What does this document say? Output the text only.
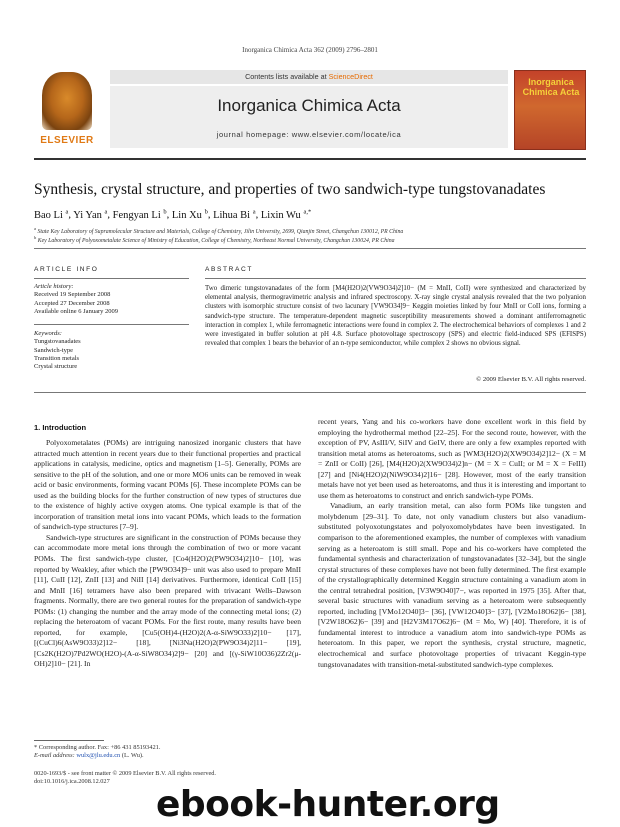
Inorganica Chimica Acta 362 (2009) 2796–2801
ELSEVIER
Contents lists available at ScienceDirect
Inorganica Chimica Acta
journal homepage: www.elsevier.com/locate/ica
Inorganica Chimica Acta
Synthesis, crystal structure, and properties of two sandwich-type tungstovanadates
Bao Li $^a$, Yi Yan $^a$, Fengyan Li $^b$, Lin Xu $^b$, Lihua Bi $^a$, Lixin Wu $^{a,*}$
$^a$ State Key Laboratory of Supramolecular Structure and Materials, College of Chemistry, Jilin University, 2699, Qianjin Street, Changchun 130012, PR China
$^b$ Key Laboratory of Polyoxometalate Science of Ministry of Education, College of Chemistry, Northeast Normal University, Changchun 130024, PR China
ARTICLE INFO
Article history:
Received 19 September 2008
Accepted 27 December 2008
Available online 6 January 2009
Keywords:
Tungstovanadates
Sandwich-type
Transition metals
Crystal structure
ABSTRACT
Two dimeric tungstovanadates of the form [M4(H2O)2(VW9O34)2]10− (M = MnII, CoII) were synthesized and characterized by elemental analysis, thermogravimetric analysis and infrared spectroscopy. X-ray single crystal analysis revealed that the two polyanion clusters with isomorphic structure consist of two lacunary [VW9O34]9− Keggin moieties linked by four MnII or CoII ions, forming a sandwich-type structure. The temperature-dependent magnetic susceptibility measurements showed a dominant antiferromagnetic interaction in complex 1, while ferromagnetic interactions were found in complex 2. The electrochemical behaviors of complexes 1 and 2 were investigated in buffer solution at pH 4.8. Surface photovoltage spectroscopy (SPS) and electric field-induced SPS (EFISPS) revealed that complex 1 bears the behavior of an n-type semiconductor, while complex 2 shows no obvious signal.
© 2009 Elsevier B.V. All rights reserved.
1. Introduction

Polyoxometalates (POMs) are intriguing nanosized inorganic clusters that have attracted much attention in recent years due to their functional properties and practical applications in catalysis, medicine, optics and magnetism [1–5]. Generally, POMs are sensitive to the pH of the solution, and one or more MO6 units can be removed in weak acid or basic environments, forming vacant POMs [6]. These incomplete POMs can be used as the building blocks for the further construction of new types of structures due to the existence of highly active oxygen atoms. One typical example is that of the incorporation of transition metal ions into vacant POMs, which leads to the formation of sandwich-type structures [7–9].

Sandwich-type structures are significant in the construction of POMs because they can accommodate more metal ions through the combination of two or more vacant POMs. The first sandwich-type cluster, [Co4(H2O)2(PW9O34)2]10− [10], was reported by Weakley, after which the [PW9O34]9− unit was also used to prepare MnII [11], CuII [12], ZnII [13] and NiII [14] derivatives. Furthermore, identical CoII [15] and MnII [16] tetramers have also been prepared with trivacant Wells–Dawson fragments. Normally, there are two general routes for the preparation of sandwich-type POMs: (1) changing the number and the array mode of the connecting metal ions; (2) replacing the heteroatom of vacant POMs. For the first route, many results have been reported, for example, [Cu5(OH)4-(H2O)2(A-α-SiW9O33)2]10− [17], [(CuCl)6(AsW9O33)2]12− [18], [Ni3Na(H2O)2(PW9O34)2]11− [19], [Cs2K(H2O)7Pd2WO(H2O)-(A-α-SiW8O34)2]9− [20] and [(γ-SiW10O36)2Zr2(μ-OH)2]10− [21]. In

recent years, Yang and his co-workers have done excellent work in this field by employing the hydrothermal method [22–25]. For the second route, however, with the exception of PV, AsIII/V, SiIV and GeIV, there are only a few examples reported with transition metal atoms as heteroatoms, such as [WM3(H2O)2(XW9O34)2]12− (X = M = ZnII or CoII) [26], [M4(H2O)2(XW9O34)2]n− (M = X = CuII; or M = X = FeIII) [27] and [Ni4(H2O)2(NiW9O34)2]16− [28]. However, most of the early transition metals have not yet been used as heteroatoms, and thus it is interesting and important to use them as heteroatoms to construct and enrich sandwich-type POMs.

Vanadium, an early transition metal, can also form POMs like tungsten and molybdenum [29–31]. To date, not only vanadium clusters but also vanadium-substituted polyoxotungstates and polyoxomolybdates have been investigated. In comparison to the aforementioned examples, the number of complexes with vanadium serving as a heteroatom is still small. Pope and his co-workers have completed the fundamental synthesis and characterization of tungstovanadates [32–34], but the single crystal structures of these complexes have not been fully determined. The first example of the crystallographically determined Keggin structure containing a vanadium atom in the central tetrahedral position, [V3W9O40]7−, was reported in 1975 [35]. After that, several basic structures with vanadium serving as a heteroatom were subsequently reported, including [VMo12O40]3− [36], [VW12O40]3− [37], [V2Mo18O62]6− [38], [V2W18O62]6− [39] and [H2V3M17O62]6− (M = Mo, W) [40]. Therefore, it is of fundamental interest to introduce a vanadium atom into sandwich-type POMs as heteroatom. In this paper, we report the synthesis, crystal structure, magnetic, electrochemical and surface photovoltage properties of trivacant Keggin-type tungstovanadates with transition-metal-substituted sandwich-type complexes.

* Corresponding author. Fax: +86 431 85193421.
E-mail address: wulx@jlu.edu.cn (L. Wu).
0020-1693/$ - see front matter © 2009 Elsevier B.V. All rights reserved.
doi:10.1016/j.ica.2008.12.027
ebook-hunter.org
